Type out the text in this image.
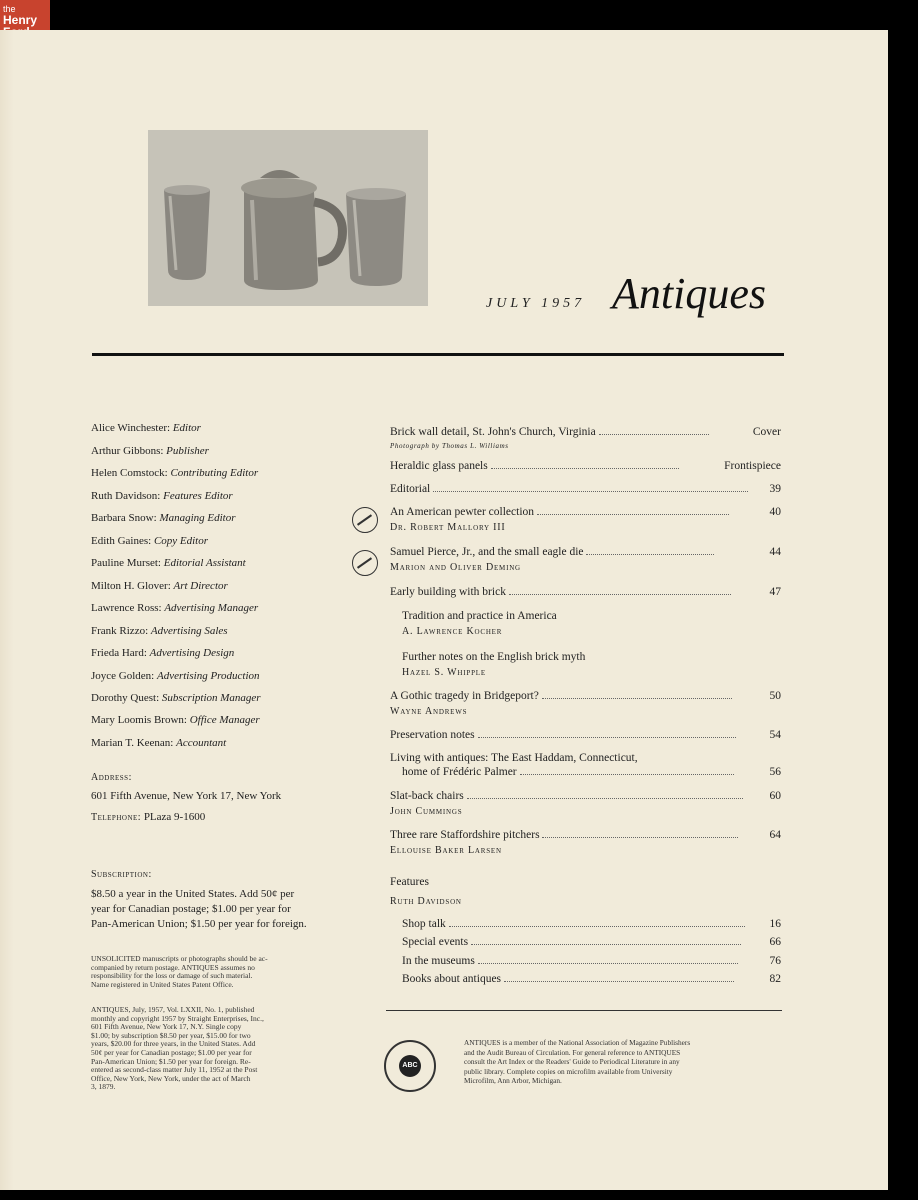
the
Henry
JULY 1957 Antiques
Alice Winchester: Editor
Arthur Gibbons: Publisher
Helen Comstock: Contributing Editor
Ruth Davidson: Features Editor
Barbara Snow: Managing Editor
Edith Gaines: Copy Editor
Pauline Murset: Editorial Assistant
Milton H. Glover: Art Director
Lawrence Ross: Advertising Manager
Frank Rizzo: Advertising Sales
Frieda Hard: Advertising Design
Joyce Golden: Advertising Production
Dorothy Quest: Subscription Manager
Mary Loomis Brown: Office Manager
Marian T. Keenan: Accountant
Address:
601 Fifth Avenue, New York 17, New York
Telephone: PLaza 9-1600
Subscription:
$8.50 a year in the United States. Add 50¢ per
year for Canadian postage; $1.00 per year for
Pan-American Union; $1.50 per year for foreign.
UNSOLICITED manuscripts or photographs should be ac-
companied by return postage. ANTIQUES assumes no
responsibility for the loss or damage of such material.
Name registered in United States Patent Office.
ANTIQUES, July, 1957, Vol. LXXII, No. 1, published
monthly and copyright 1957 by Straight Enterprises, Inc.,
601 Fifth Avenue, New York 17, N.Y. Single copy
$1.00; by subscription $8.50 per year, $15.00 for two
years, $20.00 for three years, in the United States. Add
50¢ per year for Canadian postage; $1.00 per year for
Pan-American Union; $1.50 per year for foreign. Re-
entered as second-class matter July 11, 1952 at the Post
Office, New York, New York, under the act of March
3, 1879.
Brick wall detail, St. John's Church, Virginia	Cover
Photograph by Thomas L. Williams
Heraldic glass panels	Frontispiece
Editorial	39
An American pewter collection	40
Dr. Robert Mallory III
Samuel Pierce, Jr., and the small eagle die	44
Marion and Oliver Deming
Early building with brick	47
Tradition and practice in America
A. Lawrence Kocher
Further notes on the English brick myth
Hazel S. Whipple
A Gothic tragedy in Bridgeport?	50
Wayne Andrews
Preservation notes	54
Living with antiques: The East Haddam, Connecticut,
home of Frédéric Palmer	56
Slat-back chairs	60
John Cummings
Three rare Staffordshire pitchers	64
Ellouise Baker Larsen
Features
Ruth Davidson
Shop talk	16
Special events	66
In the museums	76
Books about antiques	82
ABC
ANTIQUES is a member of the National Association of Magazine Publishers
and the Audit Bureau of Circulation. For general reference to ANTIQUES
consult the Art Index or the Readers' Guide to Periodical Literature in any
public library. Complete copies on microfilm available from University
Microfilm, Ann Arbor, Michigan.
